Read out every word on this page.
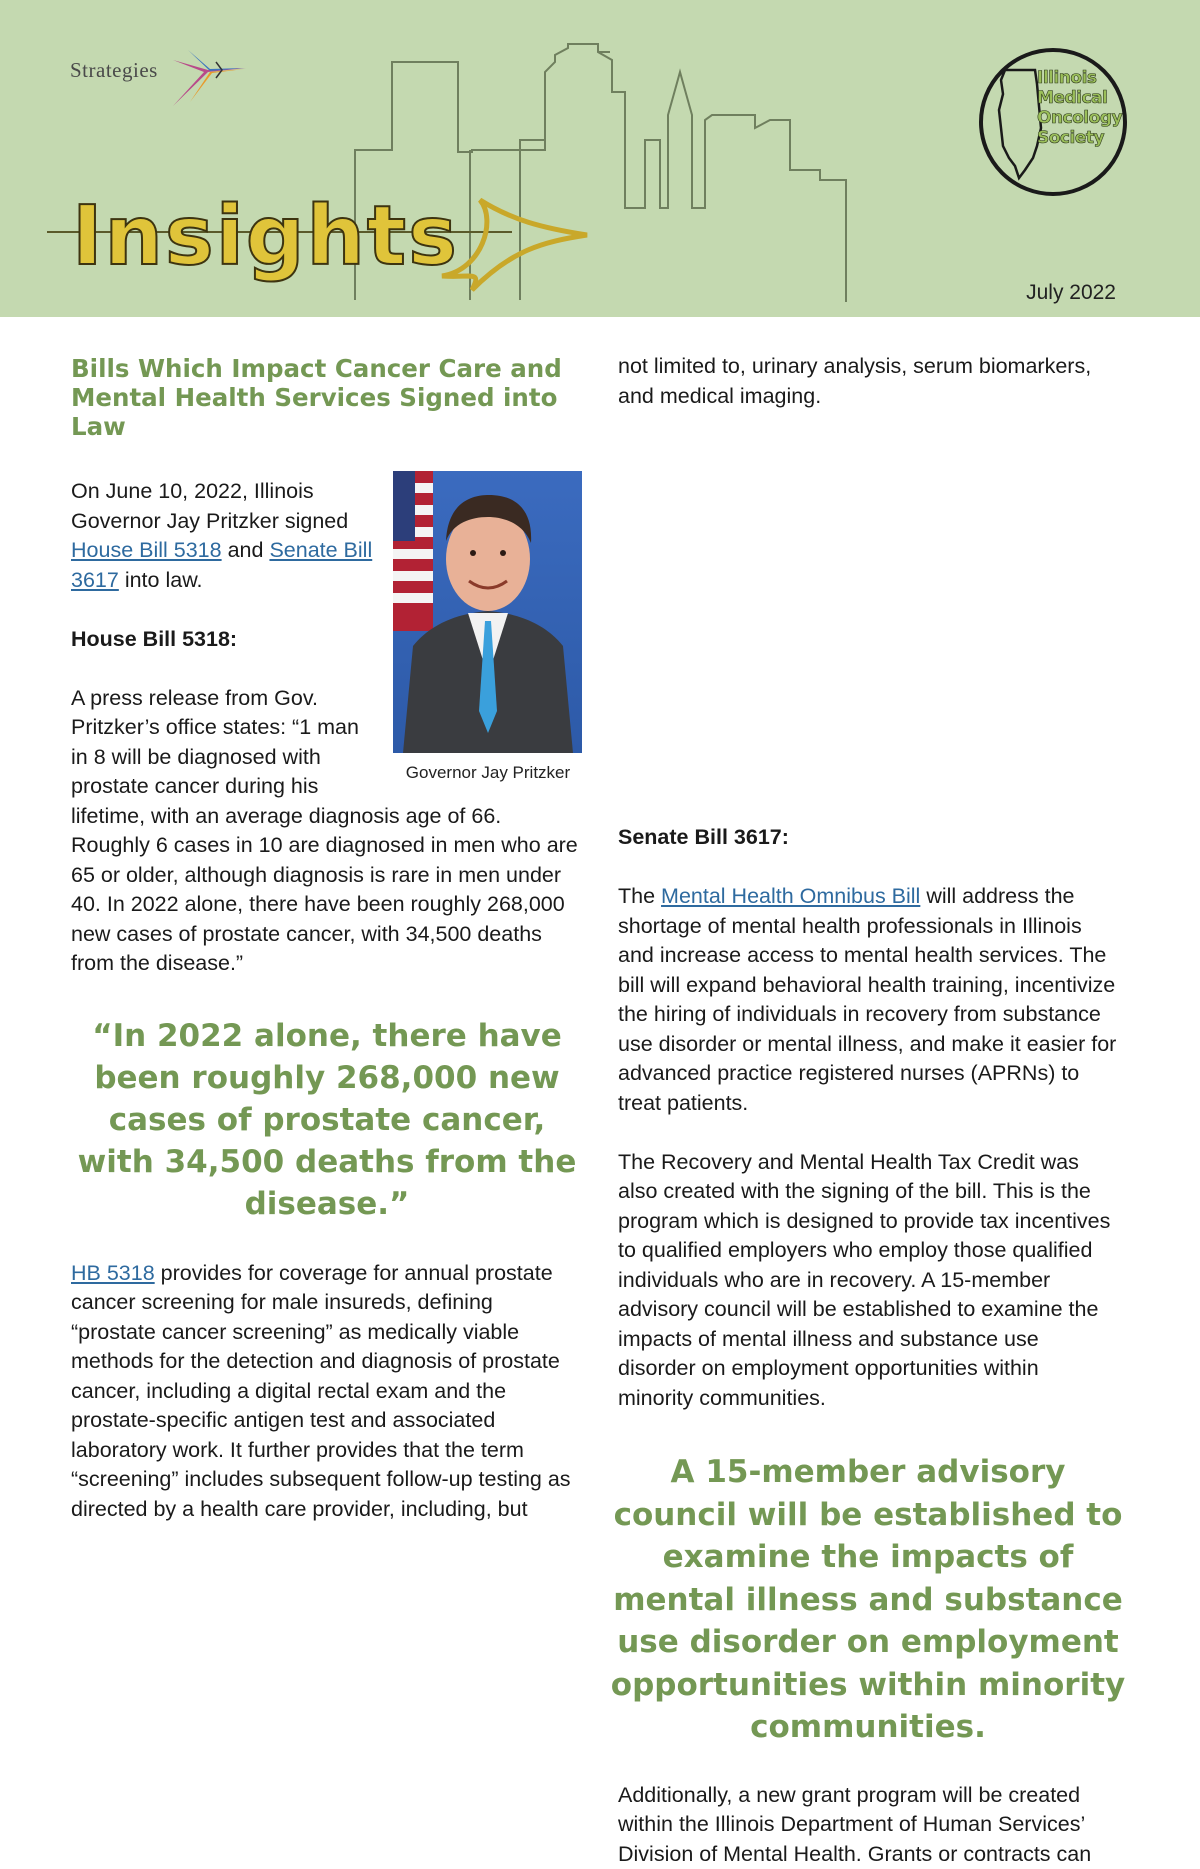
Strategies
Insights
Illinois
Medical
Oncology
Society
July 2022
Bills Which Impact Cancer Care and Mental Health Services Signed into Law
Governor Jay Pritzker

On June 10, 2022, Illinois Governor Jay Pritzker signed House Bill 5318 and Senate Bill 3617 into law.

House Bill 5318:

A press release from Gov. Pritzker’s office states: “1 man in 8 will be diagnosed with prostate cancer during his lifetime, with an average diagnosis age of 66. Roughly 6 cases in 10 are diagnosed in men who are 65 or older, although diagnosis is rare in men under 40. In 2022 alone, there have been roughly 268,000 new cases of prostate cancer, with 34,500 deaths from the disease.”

“In 2022 alone, there have been roughly 268,000 new cases of prostate cancer, with 34,500 deaths from the disease.”

HB 5318 provides for coverage for annual prostate cancer screening for male insureds, defining “prostate cancer screening” as medically viable methods for the detection and diagnosis of prostate cancer, including a digital rectal exam and the prostate-specific antigen test and associated laboratory work. It further provides that the term “screening” includes subsequent follow-up testing as directed by a health care provider, including, but

not limited to, urinary analysis, serum biomarkers, and medical imaging.

Senate Bill 3617:

The Mental Health Omnibus Bill will address the shortage of mental health professionals in Illinois and increase access to mental health services. The bill will expand behavioral health training, incentivize the hiring of individuals in recovery from substance use disorder or mental illness, and make it easier for advanced practice registered nurses (APRNs) to treat patients.

The Recovery and Mental Health Tax Credit was also created with the signing of the bill. This is the program which is designed to provide tax incentives to qualified employers who employ those qualified individuals who are in recovery. A 15-member advisory council will be established to examine the impacts of mental illness and substance use disorder on employment opportunities within minority communities.

A 15-member advisory council will be established to examine the impacts of mental illness and substance use disorder on employment opportunities within minority communities.

Additionally, a new grant program will be created within the Illinois Department of Human Services’ Division of Mental Health. Grants or contracts can
